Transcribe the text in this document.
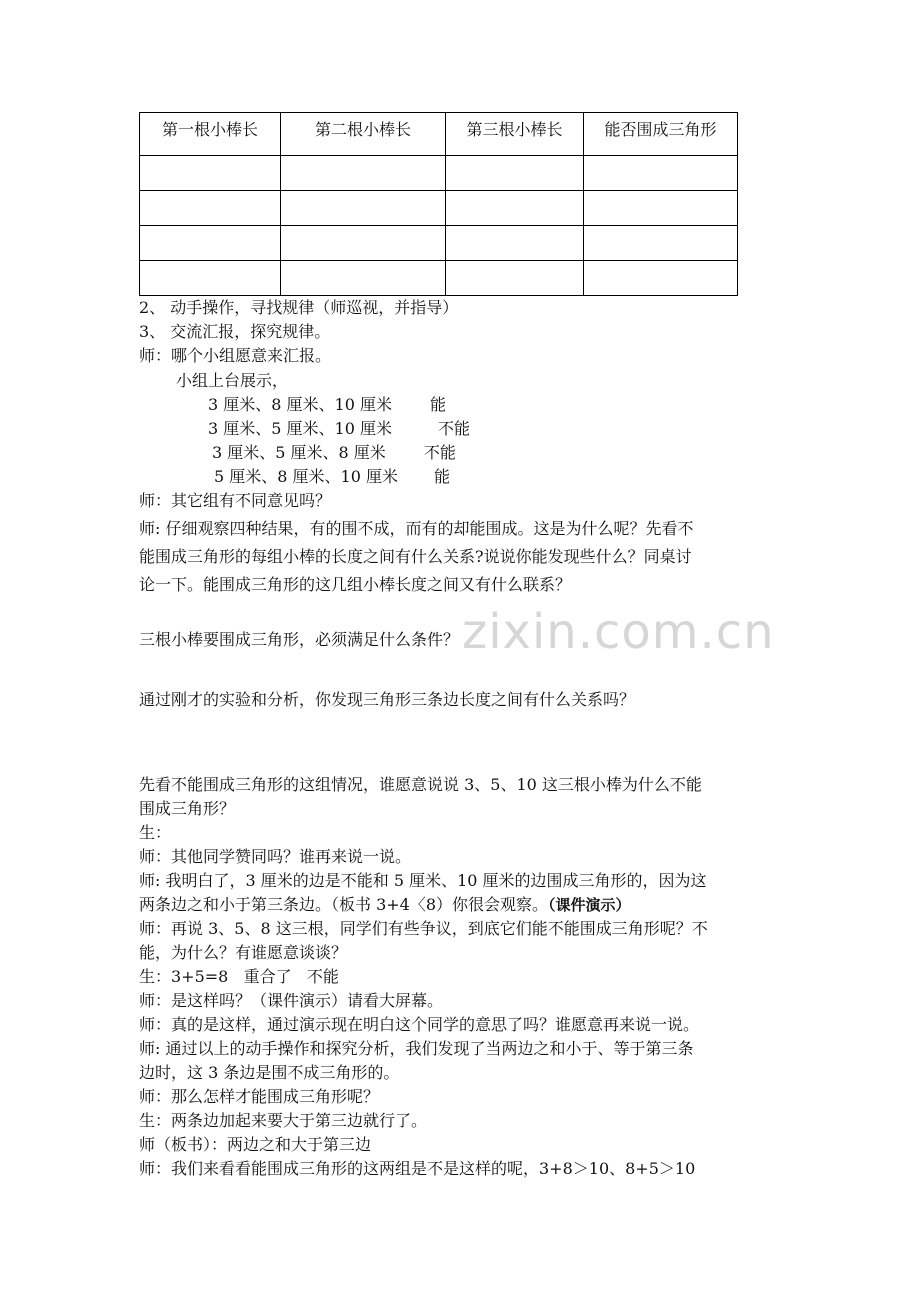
第一根小棒长	第二根小棒长	第三根小棒长	能否围成三角形

2、 动手操作，寻找规律（师巡视，并指导）
3、 交流汇报，探究规律。
师：哪个小组愿意来汇报。
小组上台展示，
3 厘米、8 厘米、10 厘米 能
3 厘米、5 厘米、10 厘米	不能
3 厘米、5 厘米、8 厘米 不能
5 厘米、8 厘米、10 厘米 能
师：其它组有不同意见吗？
师: 仔细观察四种结果，有的围不成，而有的却能围成。这是为什么呢？先看不
能围成三角形的每组小棒的长度之间有什么关系?说说你能发现些什么？同桌讨
论一下。能围成三角形的这几组小棒长度之间又有什么联系？
三根小棒要围成三角形，必须满足什么条件？
通过刚才的实验和分析，你发现三角形三条边长度之间有什么关系吗？
先看不能围成三角形的这组情况，谁愿意说说 3、5、10 这三根小棒为什么不能
围成三角形？
生：
师：其他同学赞同吗？谁再来说一说。
师: 我明白了，3 厘米的边是不能和 5 厘米、10 厘米的边围成三角形的，因为这
两条边之和小于第三条边。（板书 3+4〈8）你很会观察。（课件演示）
师：再说 3、5、8 这三根，同学们有些争议，到底它们能不能围成三角形呢？不
能，为什么？有谁愿意谈谈？
生：3+5=8   重合了   不能
师：是这样吗？（课件演示）请看大屏幕。
师：真的是这样，通过演示现在明白这个同学的意思了吗？谁愿意再来说一说。
师: 通过以上的动手操作和探究分析，我们发现了当两边之和小于、等于第三条
边时，这 3 条边是围不成三角形的。
师：那么怎样才能围成三角形呢？
生：两条边加起来要大于第三边就行了。
师（板书）：两边之和大于第三边
师：我们来看看能围成三角形的这两组是不是这样的呢，3+8＞10、8+5＞10
zixin.com.cn
